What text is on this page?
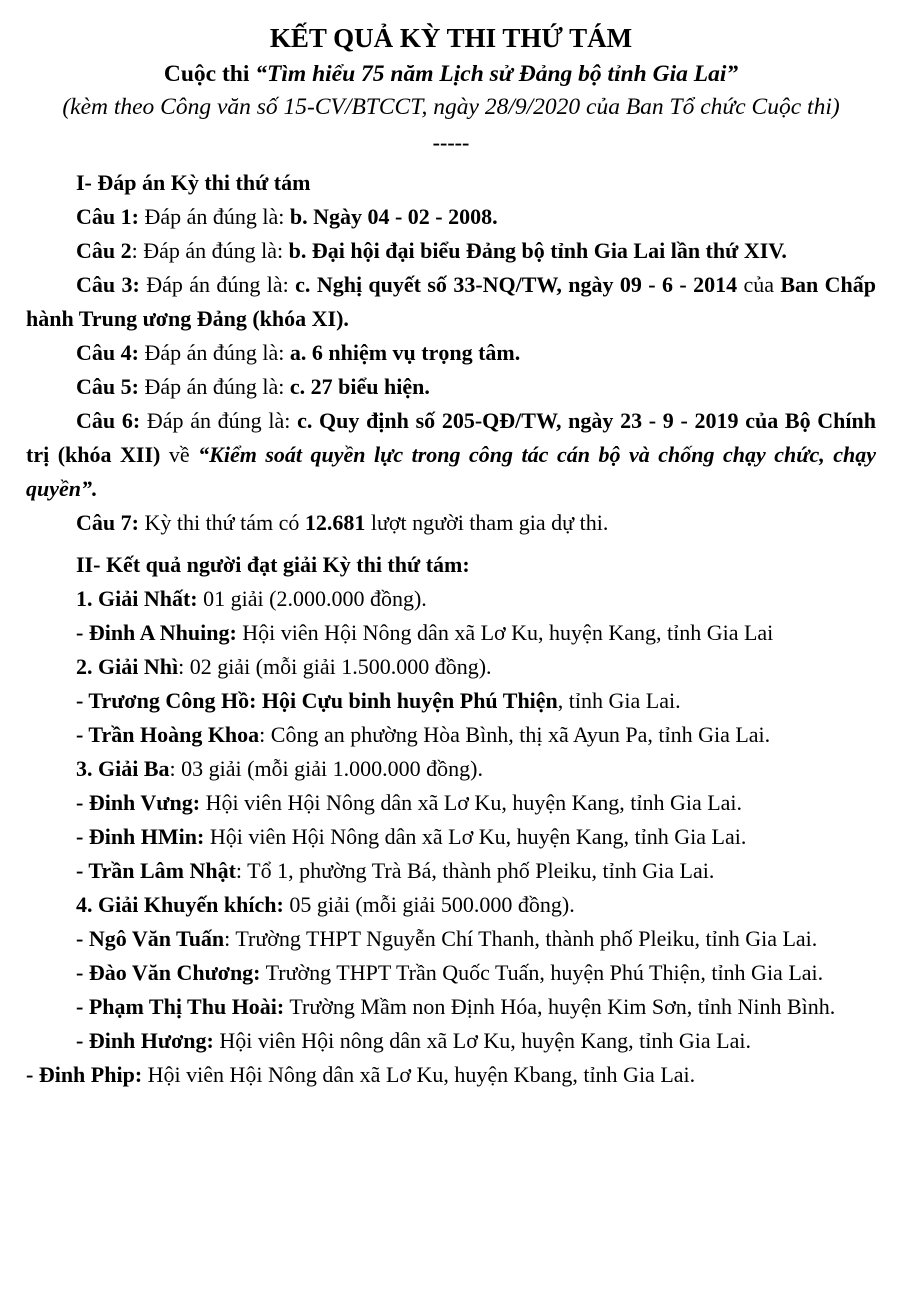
KẾT QUẢ KỲ THI THỨ TÁM
Cuộc thi “Tìm hiểu 75 năm Lịch sử Đảng bộ tỉnh Gia Lai”
(kèm theo Công văn số 15-CV/BTCCT, ngày 28/9/2020 của Ban Tổ chức Cuộc thi)
-----

I- Đáp án Kỳ thi thứ tám

Câu 1: Đáp án đúng là: b. Ngày 04 - 02 - 2008.

Câu 2: Đáp án đúng là: b. Đại hội đại biểu Đảng bộ tỉnh Gia Lai lần thứ XIV.

Câu 3: Đáp án đúng là: c. Nghị quyết số 33-NQ/TW, ngày 09 - 6 - 2014 của Ban Chấp hành Trung ương Đảng (khóa XI).

Câu 4: Đáp án đúng là: a. 6 nhiệm vụ trọng tâm.

Câu 5: Đáp án đúng là: c. 27 biểu hiện.

Câu 6: Đáp án đúng là: c. Quy định số 205-QĐ/TW, ngày 23 - 9 - 2019 của Bộ Chính trị (khóa XII) về “Kiểm soát quyền lực trong công tác cán bộ và chống chạy chức, chạy quyền”.

Câu 7: Kỳ thi thứ tám có 12.681 lượt người tham gia dự thi.

II- Kết quả người đạt giải Kỳ thi thứ tám:

1. Giải Nhất: 01 giải (2.000.000 đồng).

- Đinh A Nhuing: Hội viên Hội Nông dân xã Lơ Ku, huyện Kang, tỉnh Gia Lai

2. Giải Nhì: 02 giải (mỗi giải 1.500.000 đồng).

- Trương Công Hồ: Hội Cựu binh huyện Phú Thiện, tỉnh Gia Lai.

- Trần Hoàng Khoa: Công an phường Hòa Bình, thị xã Ayun Pa, tỉnh Gia Lai.

3. Giải Ba: 03 giải (mỗi giải 1.000.000 đồng).

- Đinh Vưng: Hội viên Hội Nông dân xã Lơ Ku, huyện Kang, tỉnh Gia Lai.

- Đinh HMin: Hội viên Hội Nông dân xã Lơ Ku, huyện Kang, tỉnh Gia Lai.

- Trần Lâm Nhật: Tổ 1, phường Trà Bá, thành phố Pleiku, tỉnh Gia Lai.

4. Giải Khuyến khích: 05 giải (mỗi giải 500.000 đồng).

- Ngô Văn Tuấn: Trường THPT Nguyễn Chí Thanh, thành phố Pleiku, tỉnh Gia Lai.

- Đào Văn Chương: Trường THPT Trần Quốc Tuấn, huyện Phú Thiện, tỉnh Gia Lai.

- Phạm Thị Thu Hoài: Trường Mầm non Định Hóa, huyện Kim Sơn, tỉnh Ninh Bình.

- Đinh Hương: Hội viên Hội nông dân xã Lơ Ku, huyện Kang, tỉnh Gia Lai.

- Đinh Phip: Hội viên Hội Nông dân xã Lơ Ku, huyện Kbang, tỉnh Gia Lai.
